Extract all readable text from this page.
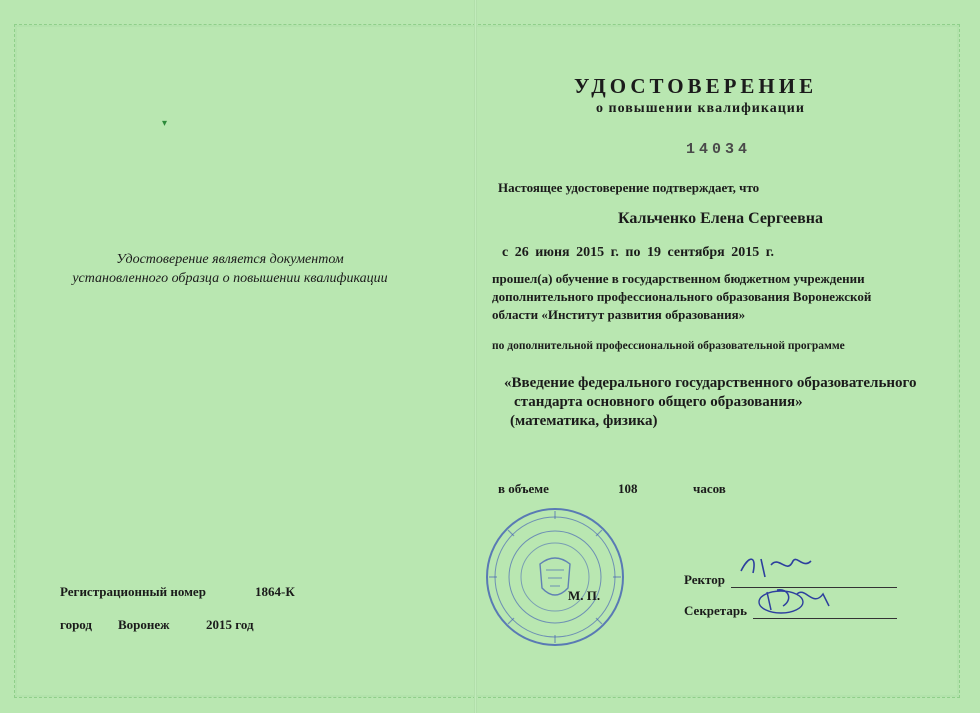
▾
Удостоверение является документом
установленного образца о повышении квалификации
Регистрационный номер	1864-К
город	Воронеж	2015 год
УДОСТОВЕРЕНИЕ
о повышении квалификации
14034
Настоящее удостоверение подтверждает, что
Кальченко Елена Сергеевна
с 26 июня 2015 г. по 19 сентября 2015 г.
прошел(а) обучение в государственном бюджетном учреждении
дополнительного профессионального образования Воронежской
области «Институт развития образования»
по дополнительной профессиональной образовательной программе
«Введение федерального государственного образовательного
стандарта основного общего образования»
(математика, физика)
в объеме	108	часов
М. П.
Ректор
Секретарь
